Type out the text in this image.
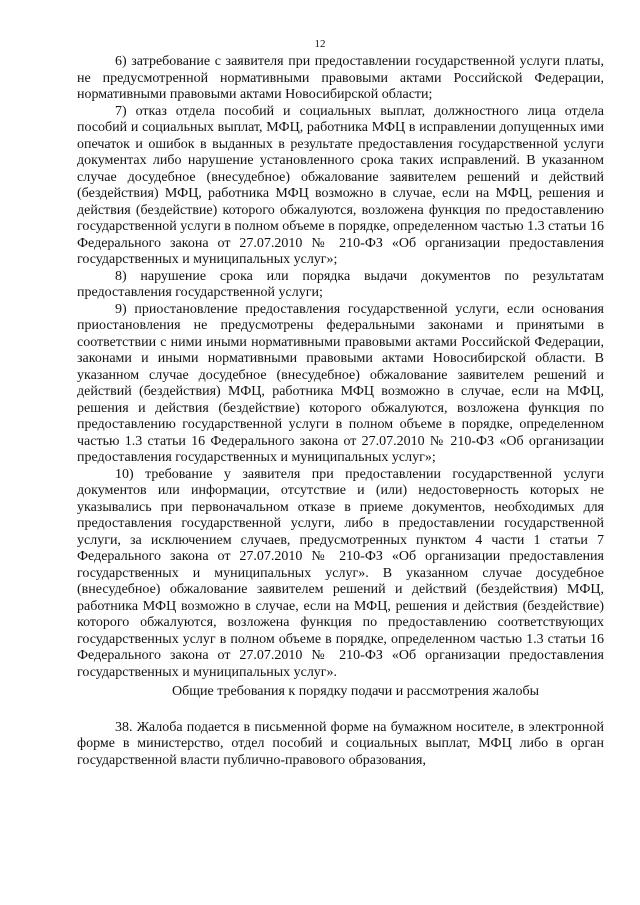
12

6) затребование с заявителя при предоставлении государственной услуги платы, не предусмотренной нормативными правовыми актами Российской Федерации, нормативными правовыми актами Новосибирской области;

7) отказ отдела пособий и социальных выплат, должностного лица отдела пособий и социальных выплат, МФЦ, работника МФЦ в исправлении допущенных ими опечаток и ошибок в выданных в результате предоставления государственной услуги документах либо нарушение установленного срока таких исправлений. В указанном случае досудебное (внесудебное) обжалование заявителем решений и действий (бездействия) МФЦ, работника МФЦ возможно в случае, если на МФЦ, решения и действия (бездействие) которого обжалуются, возложена функция по предоставлению государственной услуги в полном объеме в порядке, определенном частью 1.3 статьи 16 Федерального закона от 27.07.2010 № 210-ФЗ «Об организации предоставления государственных и муниципальных услуг»;

8) нарушение срока или порядка выдачи документов по результатам предоставления государственной услуги;

9) приостановление предоставления государственной услуги, если основания приостановления не предусмотрены федеральными законами и принятыми в соответствии с ними иными нормативными правовыми актами Российской Федерации, законами и иными нормативными правовыми актами Новосибирской области. В указанном случае досудебное (внесудебное) обжалование заявителем решений и действий (бездействия) МФЦ, работника МФЦ возможно в случае, если на МФЦ, решения и действия (бездействие) которого обжалуются, возложена функция по предоставлению государственной услуги в полном объеме в порядке, определенном частью 1.3 статьи 16 Федерального закона от 27.07.2010 № 210-ФЗ «Об организации предоставления государственных и муниципальных услуг»;

10) требование у заявителя при предоставлении государственной услуги документов или информации, отсутствие и (или) недостоверность которых не указывались при первоначальном отказе в приеме документов, необходимых для предоставления государственной услуги, либо в предоставлении государственной услуги, за исключением случаев, предусмотренных пунктом 4 части 1 статьи 7 Федерального закона от 27.07.2010 № 210-ФЗ «Об организации предоставления государственных и муниципальных услуг». В указанном случае досудебное (внесудебное) обжалование заявителем решений и действий (бездействия) МФЦ, работника МФЦ возможно в случае, если на МФЦ, решения и действия (бездействие) которого обжалуются, возложена функция по предоставлению соответствующих государственных услуг в полном объеме в порядке, определенном частью 1.3 статьи 16 Федерального закона от 27.07.2010 № 210-ФЗ «Об организации предоставления государственных и муниципальных услуг».

Общие требования к порядку подачи и рассмотрения жалобы

38. Жалоба подается в письменной форме на бумажном носителе, в электронной форме в министерство, отдел пособий и социальных выплат, МФЦ либо в орган государственной власти публично-правового образования,
